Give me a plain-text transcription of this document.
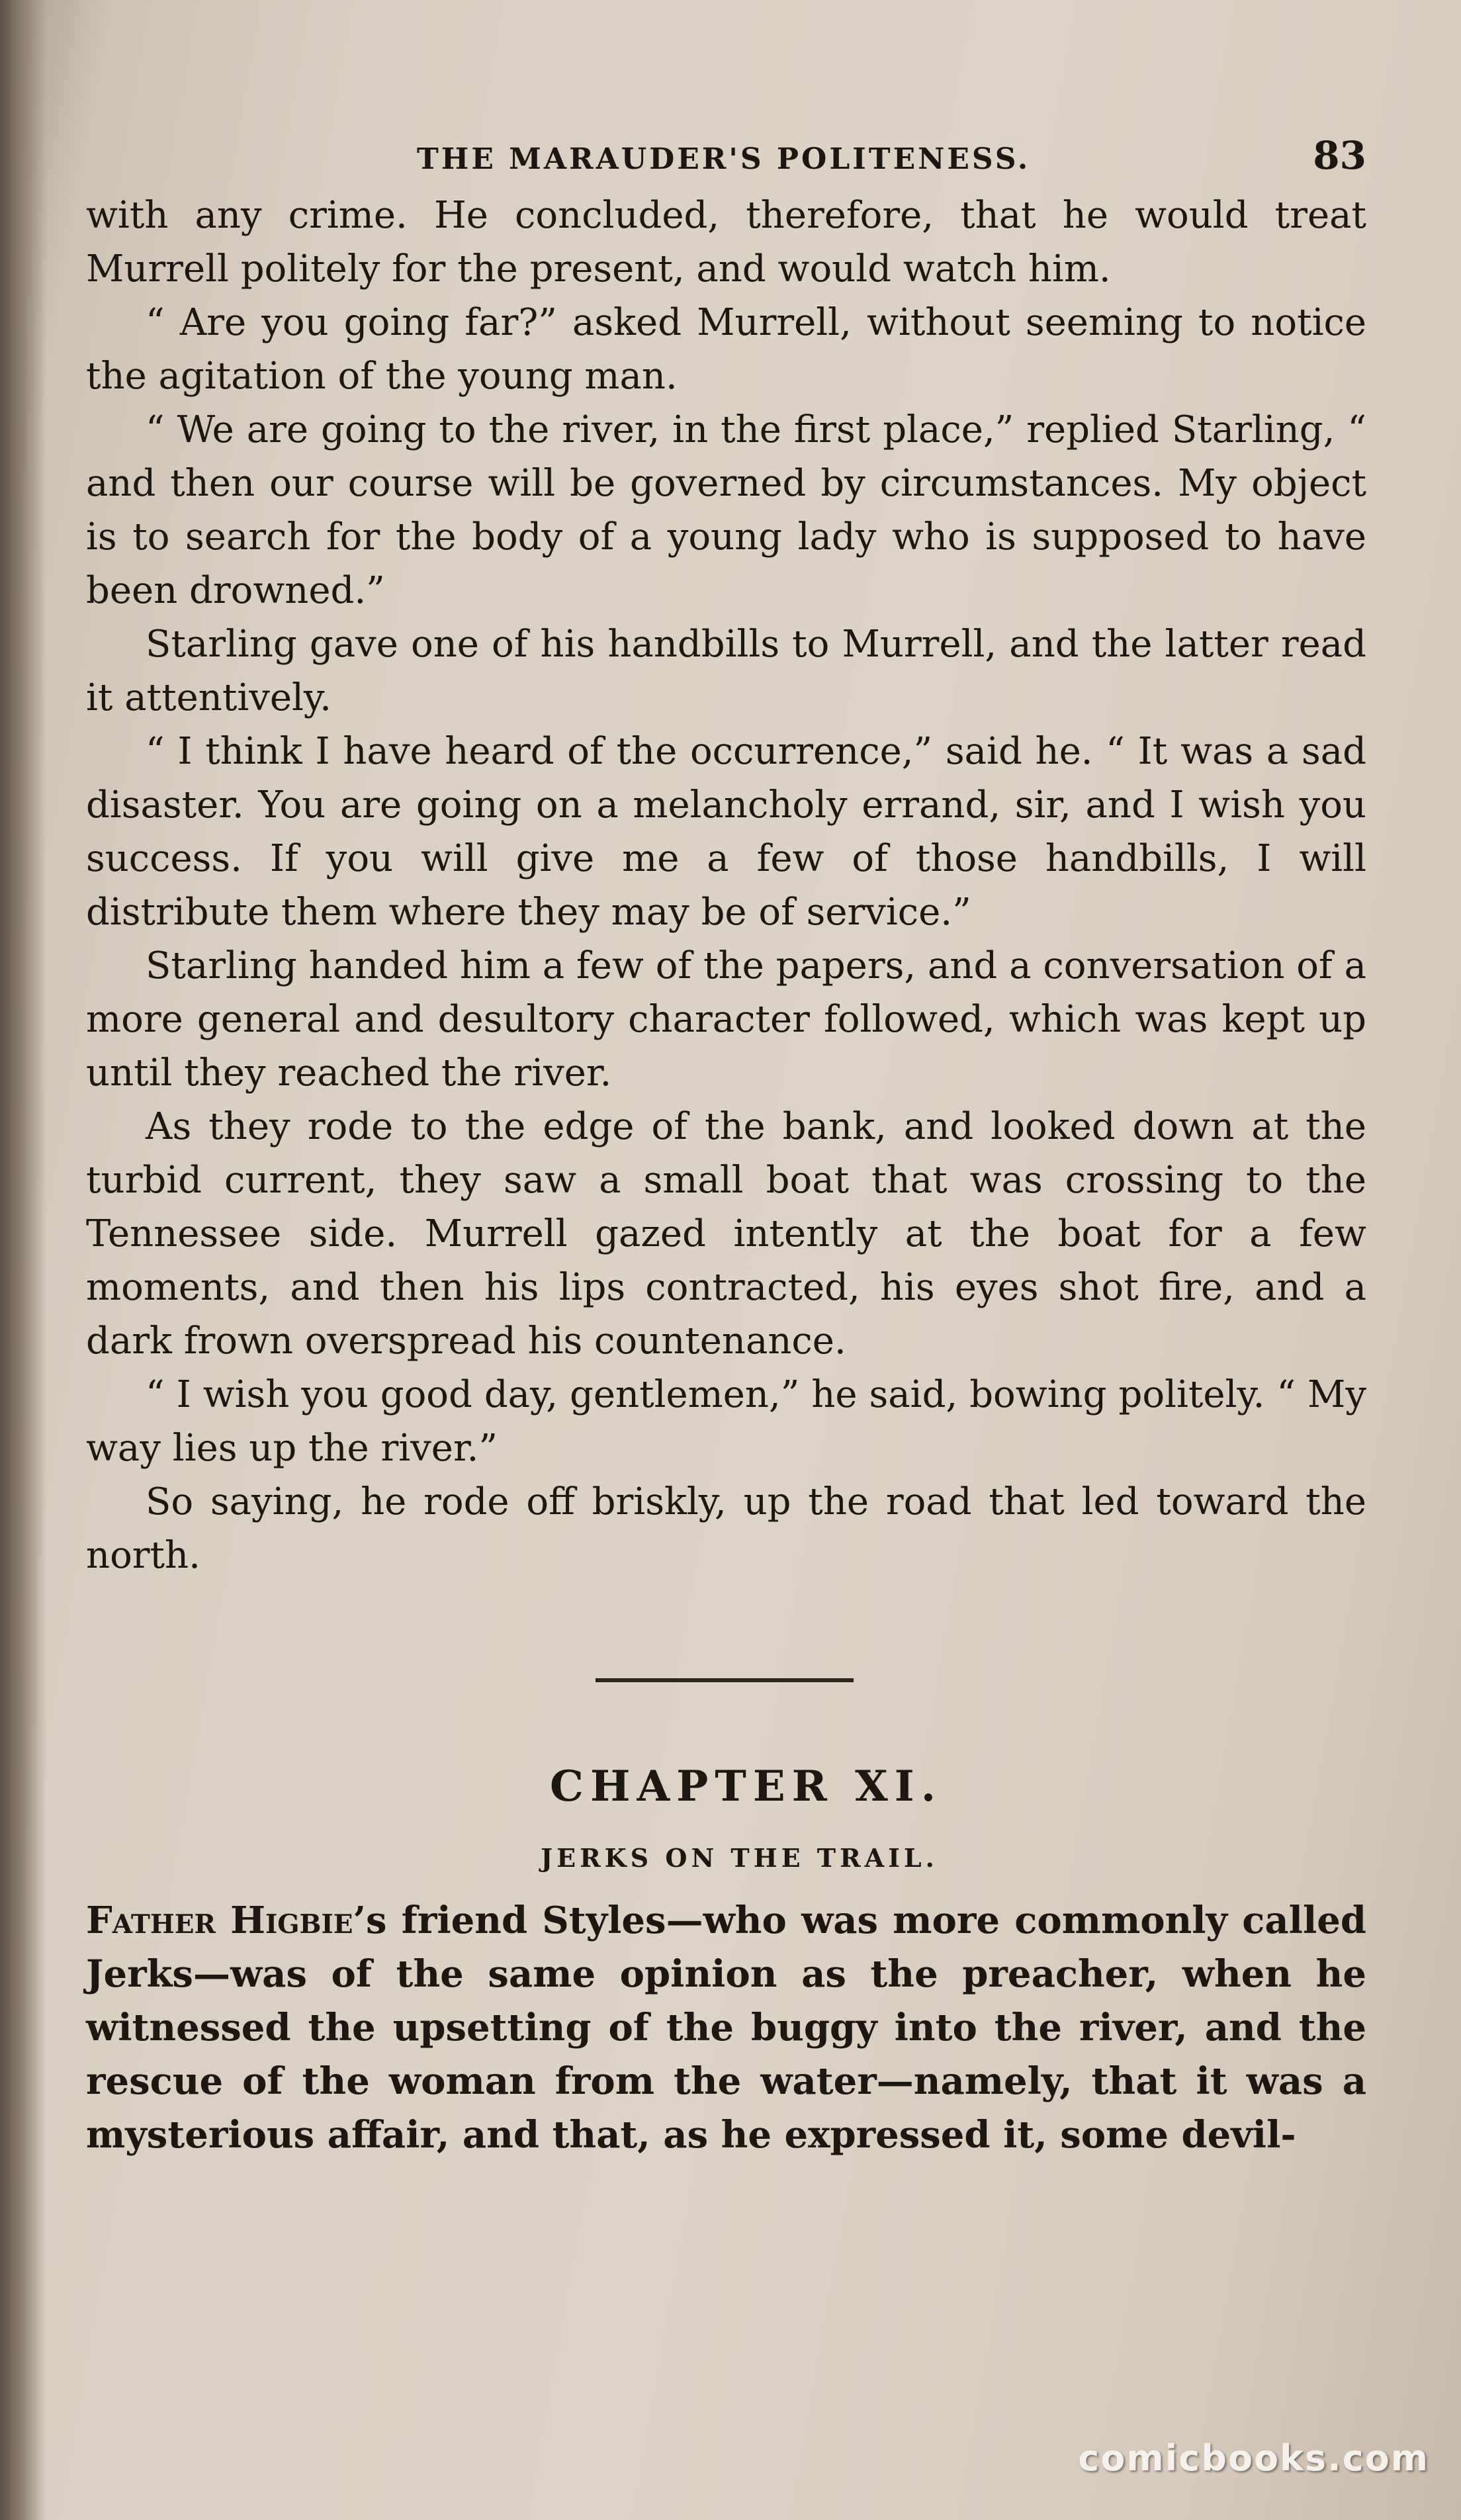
THE MARAUDER'S POLITENESS.	83

with any crime. He concluded, therefore, that he would treat Murrell politely for the present, and would watch him.

“ Are you going far?” asked Murrell, without seeming to notice the agitation of the young man.

“ We are going to the river, in the first place,” replied Starling, “ and then our course will be governed by circumstances. My object is to search for the body of a young lady who is supposed to have been drowned.”

Starling gave one of his handbills to Murrell, and the latter read it attentively.

“ I think I have heard of the occurrence,” said he. “ It was a sad disaster. You are going on a melancholy errand, sir, and I wish you success. If you will give me a few of those handbills, I will distribute them where they may be of service.”

Starling handed him a few of the papers, and a conversation of a more general and desultory character followed, which was kept up until they reached the river.

As they rode to the edge of the bank, and looked down at the turbid current, they saw a small boat that was crossing to the Tennessee side. Murrell gazed intently at the boat for a few moments, and then his lips contracted, his eyes shot fire, and a dark frown overspread his countenance.

“ I wish you good day, gentlemen,” he said, bowing politely. “ My way lies up the river.”

So saying, he rode off briskly, up the road that led toward the north.

CHAPTER XI.
JERKS ON THE TRAIL.

Father Higbie’s friend Styles—who was more commonly called Jerks—was of the same opinion as the preacher, when he witnessed the upsetting of the buggy into the river, and the rescue of the woman from the water—namely, that it was a mysterious affair, and that, as he expressed it, some devil-

comicbooks.com
